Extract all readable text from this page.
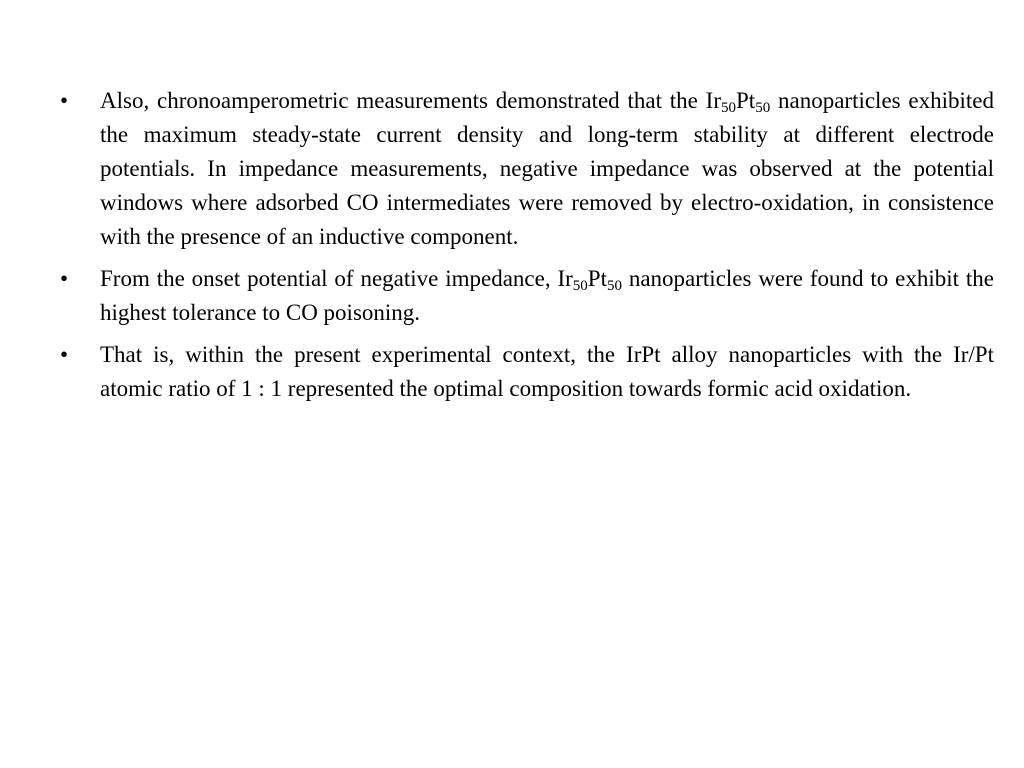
•	Also, chronoamperometric measurements demonstrated that the $Ir_{50}Pt_{50}$ nanoparticles exhibited the maximum steady-state current density and long-term stability at different electrode potentials. In impedance measurements, negative impedance was observed at the potential windows where adsorbed CO intermediates were removed by electro-oxidation, in consistence with the presence of an inductive component.
•	From the onset potential of negative impedance, $Ir_{50}Pt_{50}$ nanoparticles were found to exhibit the highest tolerance to CO poisoning.
•	That is, within the present experimental context, the IrPt alloy nanoparticles with the Ir/Pt atomic ratio of 1 : 1 represented the optimal composition towards formic acid oxidation.
